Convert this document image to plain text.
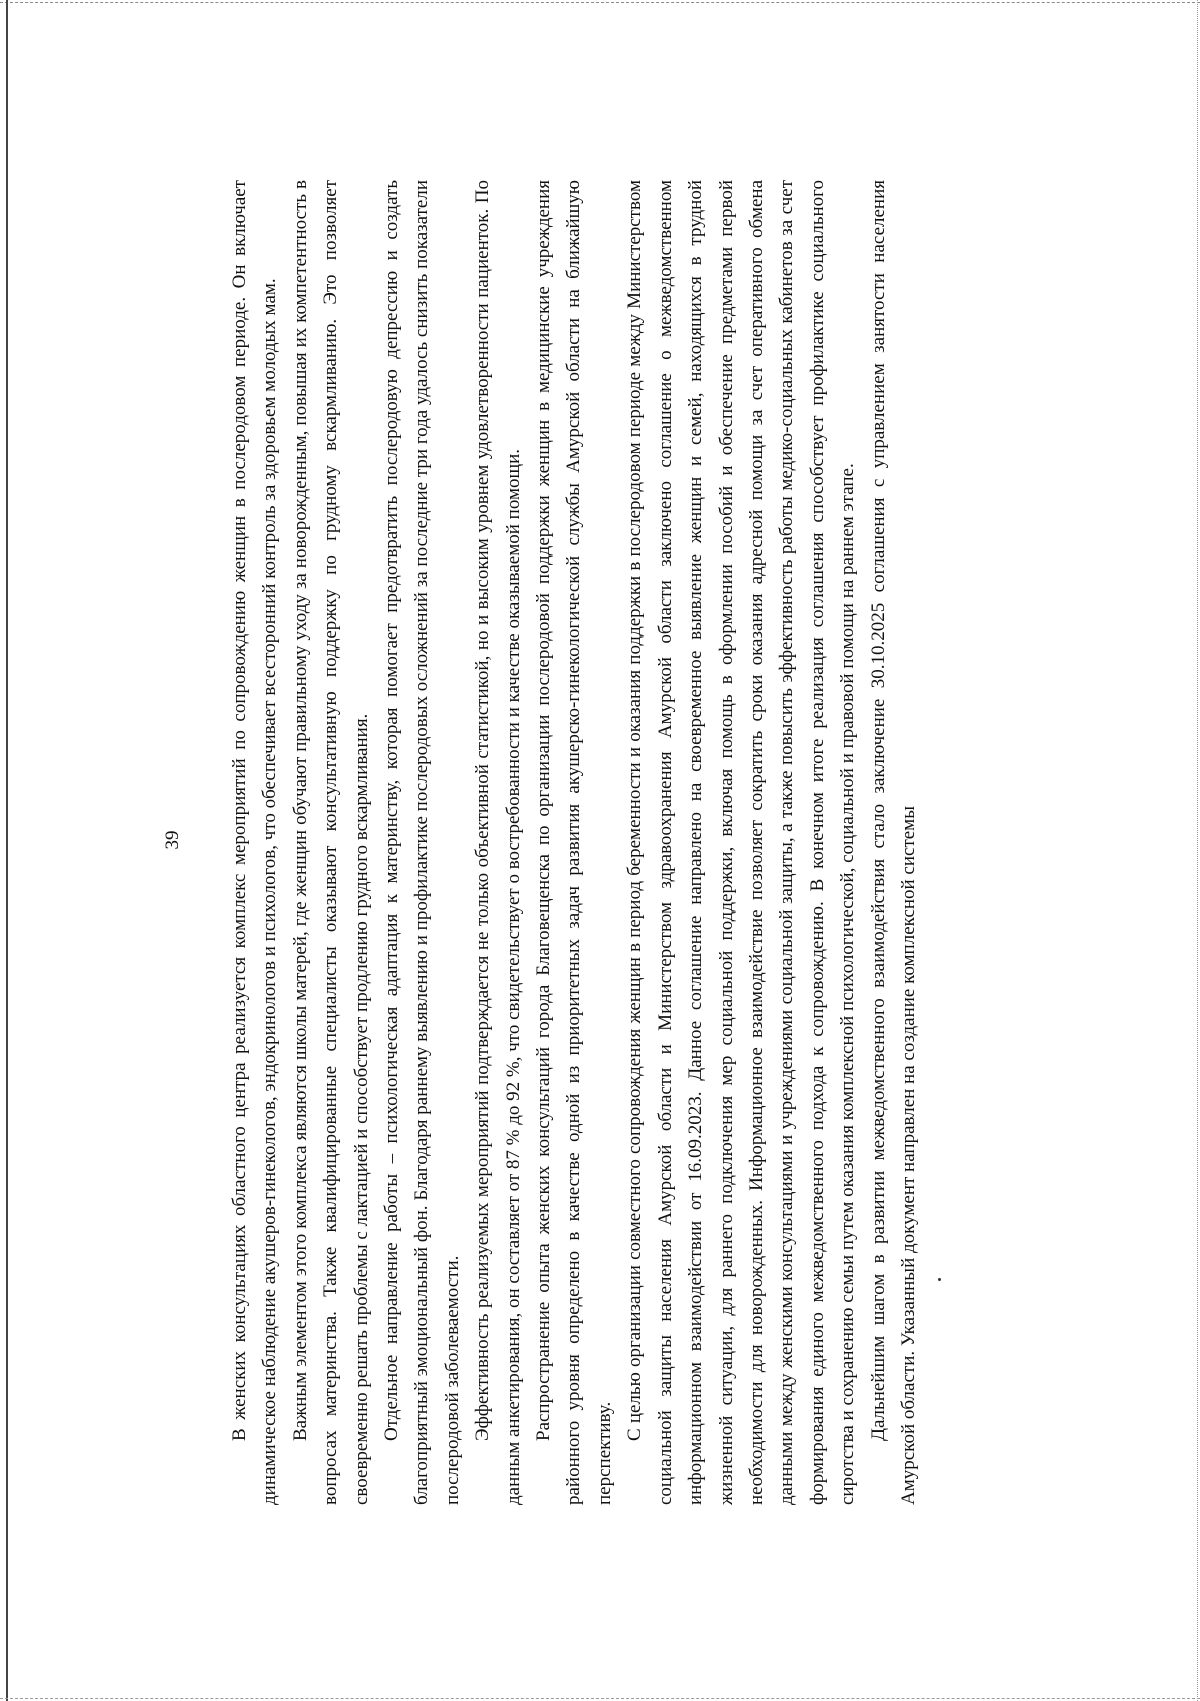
39 В женских консультациях областного центра реализуется комплекс мероприятий по сопровождению женщин в послеродовом периоде. Он включает динамическое наблюдение акушеров-гинекологов, эндокринологов и психологов, что обеспечивает всесторонний контроль за здоровьем молодых мам. Важным элементом этого комплекса являются школы матерей, где женщин обучают правильному уходу за новорожденным, повышая их компетентность в вопросах материнства. Также квалифицированные специалисты оказывают консультативную поддержку по грудному вскармливанию. Это позволяет своевременно решать проблемы с лактацией и способствует продлению грудного вскармливания. Отдельное направление работы – психологическая адаптация к материнству, которая помогает предотвратить послеродовую депрессию и создать благоприятный эмоциональный фон. Благодаря раннему выявлению и профилактике послеродовых осложнений за последние три года удалось снизить показатели послеродовой заболеваемости. Эффективность реализуемых мероприятий подтверждается не только объективной статистикой, но и высоким уровнем удовлетворенности пациенток. По данным анкетирования, он составляет от 87 % до 92 %, что свидетельствует о востребованности и качестве оказываемой помощи. Распространение опыта женских консультаций города Благовещенска по организации послеродовой поддержки женщин в медицинские учреждения районного уровня определено в качестве одной из приоритетных задач развития акушерско-гинекологической службы Амурской области на ближайшую перспективу.

С целью организации совместного сопровождения женщин в период беременности и оказания поддержки в послеродовом периоде между Министерством социальной защиты населения Амурской области и Министерством здравоохранения Амурской области заключено соглашение о межведомственном информационном взаимодействии от 16.09.2023. Данное соглашение направлено на своевременное выявление женщин и семей, находящихся в трудной жизненной ситуации, для раннего подключения мер социальной поддержки, включая помощь в оформлении пособий и обеспечение предметами первой необходимости для новорожденных. Информационное взаимодействие позволяет сократить сроки оказания адресной помощи за счет оперативного обмена данными между женскими консультациями и учреждениями социальной защиты, а также повысить эффективность работы медико-социальных кабинетов за счет формирования единого межведомственного подхода к сопровождению. В конечном итоге реализация соглашения способствует профилактике социального сиротства и сохранению семьи путем оказания комплексной психологической, социальной и правовой помощи на раннем этапе. Дальнейшим шагом в развитии межведомственного взаимодействия стало заключение 30.10.2025 соглашения с управлением занятости населения Амурской области. Указанный документ направлен на создание комплексной системы
